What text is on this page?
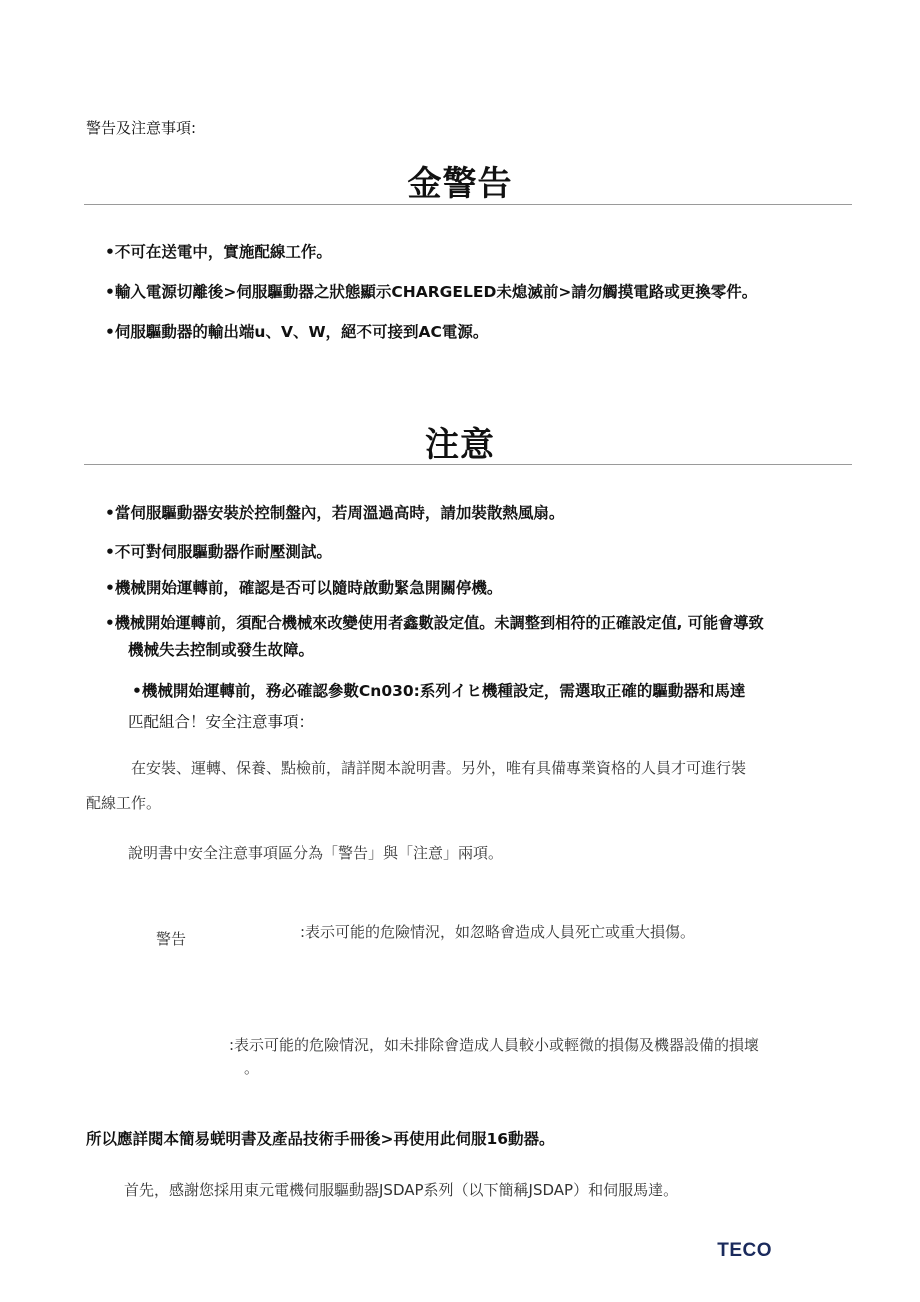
警告及注意事項:
金警告
•不可在送電中，實施配線工作。
•輸入電源切離後>伺服驅動器之狀態顯示CHARGELED未熄滅前>請勿觸摸電路或更換零件。
•伺服驅動器的輸出端u、V、W，絕不可接到AC電源。
注意
•當伺服驅動器安裝於控制盤內，若周溫過高時，請加裝散熱風扇。
•不可對伺服驅動器作耐壓測試。
•機械開始運轉前，確認是否可以隨時啟動緊急開關停機。
•機械開始運轉前，須配合機械來改變使用者鑫數設定值。未調整到相符的正確設定值, 可能會導致
機械失去控制或發生故障。
•機械開始運轉前，務必確認參數Cn030:系列イヒ機種設定，需選取正確的驅動器和馬達
匹配組合！安全注意事項：
在安裝、運轉、保養、點檢前，請詳閱本說明書。另外，唯有具備專業資格的人員才可進行裝
配線工作。
說明書中安全注意事項區分為「警告」與「注意」兩項。
警告	:表示可能的危險情況，如忽略會造成人員死亡或重大損傷。
:表示可能的危險情況，如未排除會造成人員較小或輕微的損傷及機器設備的損壞
。
所以應詳閱本簡易蜣明書及產品技術手冊後>再使用此伺服16動器。
首先，感謝您採用東元電機伺服驅動器JSDAP系列（以下簡稱JSDAP）和伺服馬達。
TECO
